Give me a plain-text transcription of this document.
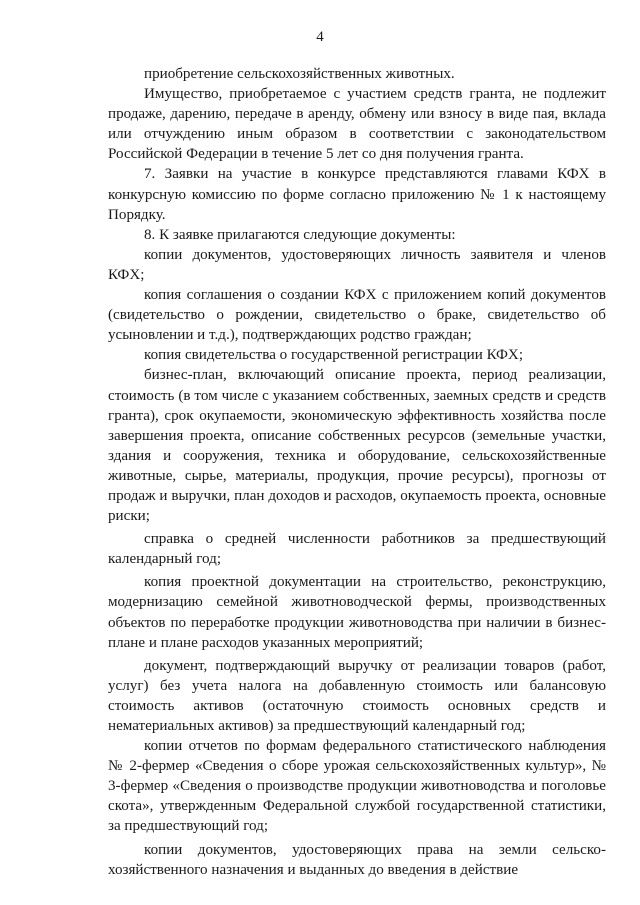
4

приобретение сельскохозяйственных животных.

Имущество, приобретаемое с участием средств гранта, не подлежит продаже, дарению, передаче в аренду, обмену или взносу в виде пая, вклада или отчуждению иным образом в соответствии с законодательством Российской Федерации в течение 5 лет со дня получения гранта.

7. Заявки на участие в конкурсе представляются главами КФХ в конкурсную комиссию по форме согласно приложению № 1 к настоящему Порядку.

8. К заявке прилагаются следующие документы:

копии документов, удостоверяющих личность заявителя и членов КФХ;

копия соглашения о создании КФХ с приложением копий документов (свидетельство о рождении, свидетельство о браке, свидетельство об усыновлении и т.д.), подтверждающих родство граждан;

копия свидетельства о государственной регистрации КФХ;

бизнес-план, включающий описание проекта, период реализации, стоимость (в том числе с указанием собственных, заемных средств и средств гранта), срок окупаемости, экономическую эффективность хозяйства после завершения проекта, описание собственных ресурсов (земельные участки, здания и сооружения, техника и оборудование, сельскохозяйственные животные, сырье, материалы, продукция, прочие ресурсы), прогнозы от продаж и выручки, план доходов и расходов, окупаемость проекта, основные риски;

справка о средней численности работников за предшествующий календарный год;

копия проектной документации на строительство, реконструкцию, модернизацию семейной животноводческой фермы, производственных объектов по переработке продукции животноводства при наличии в бизнес-плане и плане расходов указанных мероприятий;

документ, подтверждающий выручку от реализации товаров (работ, услуг) без учета налога на добавленную стоимость или балансовую стоимость активов (остаточную стоимость основных средств и нематериальных активов) за предшествующий календарный год;

копии отчетов по формам федерального статистического наблюдения № 2-фермер «Сведения о сборе урожая сельскохозяйственных культур», № 3-фермер «Сведения о производстве продукции животноводства и поголовье скота», утвержденным Федеральной службой государственной статистики, за предшествующий год;

копии документов, удостоверяющих права на земли сельско-хозяйственного назначения и выданных до введения в действие
